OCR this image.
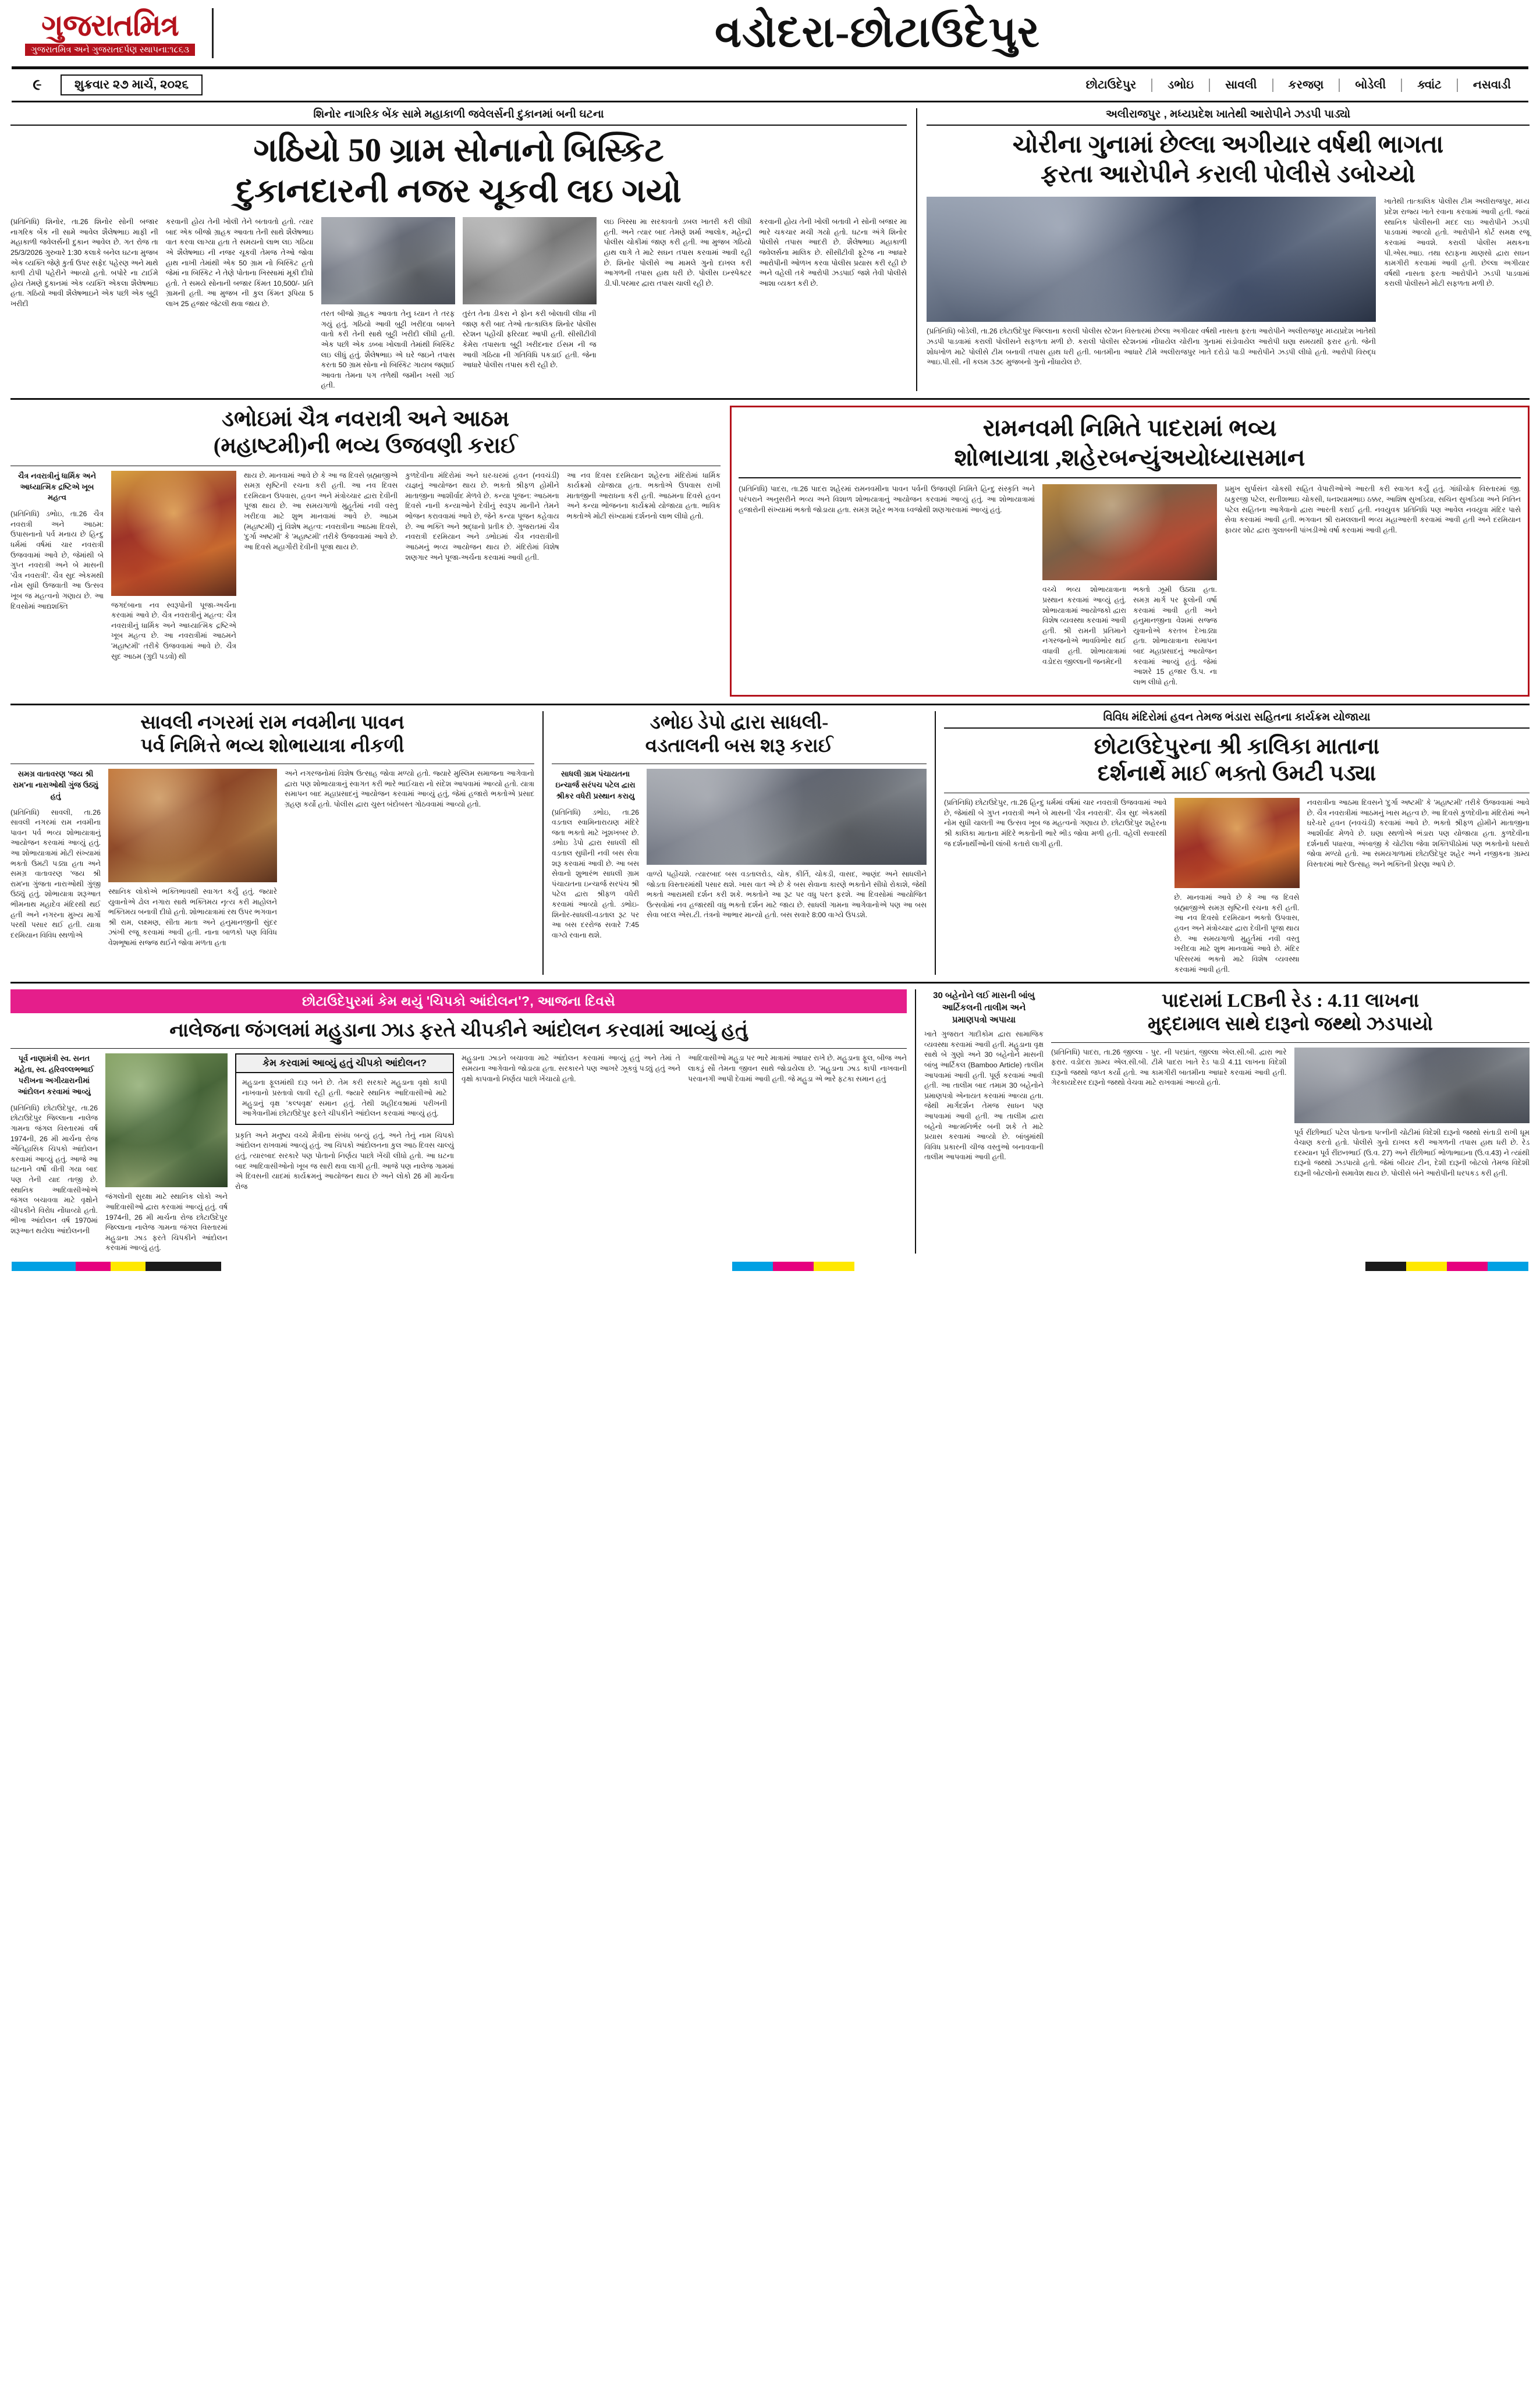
ગુજરાતમિત્ર
ગુજરાતમિત્ર અને ગુજરાતદર્પણ સ્થાપના:૧૮૬૩	વડોદરા-છોટાઉદેપુર
૯	શુક્રવાર ૨૭ માર્ચ, ૨૦૨૬	છોટાઉદેપુર	ડભોઇ	સાવલી	કરજણ	બોડેલી	ક્વાંટ	નસવાડી
શિનોર નાગરિક બેંક સામે મહાકાળી જવેલર્સની દુકાનમાં બની ઘટના
ગઠિયો 50 ગ્રામ સોનાનો બિસ્કિટ
દુકાનદારની નજર ચૂકવી લઇ ગયો
(પ્રતિનિધિ) શિનોર, તા.26 શિનોર સોની બજાર નાગરિક બેંક ની સામે આવેલ શૈલેષભાઇ માફી ની મહાકાળી જવેલર્સની દુકાન આવેલ છે. ગત રોજ તા 25/3/2026 ગુરુવારે 1:30 કલાકે બનેલ ઘટના મુજબ એક વ્યક્તિ જેણે કુર્તા ઉપર સફેદ પહેરણ અને માથે કાળી ટોપી પહેરીને આવ્યો હતો. બપોરે ના ટાઈમે હોય તેમણે દુકાનમાં એક વ્યક્તિ એકલા શૈલેષભાઇ હતા. ગઠિયો આવી શૈલેષભાઇને એક પછી એક બુટ્ટી ખરીદી
કરવાની હોય તેની ખોલી તેને બતાવતો હતો. ત્યાર બાદ એક બીજો ગ્રાહક આવતા તેની સાથે શૈલેષભાઇ વાત કરવા લાગ્યા હતા તે સમયનો લાભ લઇ ગઠિયા એ શૈલેષભાઇ ની નજર ચૂકવી તેમજ તેઓ જોવા હાથ નાખી તેમાંથી એક 50 ગ્રામ નો બિસ્કિટ હતો જેમાં ના બિસ્કિટ ને તેણે પોતાના ખિસ્સામાં મૂકી દીધો હતો. તે સમયે સોનાની બજાર કિંમત 10,500/- પ્રતિ ગ્રામની હતી. આ મુજબ ની કુલ કિંમત રૂપિયા 5 લાખ 25 હજાર જેટલી થવા જાય છે.
તરત બીજો ગ્રાહક આવતા તેનુ ધ્યાન તે તરફ ગયું હતું. ગઠિયો આવી બુટ્ટી ખરીદવા બાબતે વાતો કરી તેની સાથે બુટ્ટી ખરીદી લીધી હતી. એક પછી એક ડબ્બા ખોલાવી તેમાંથી બિસ્કિટ લઇ લીધું હતું. શૈલેષભાઇ એ ઘરે જઇને તપાસ કરતા 50 ગ્રામ સોના નો બિસ્કિટ ગાયબ જણાઈ આવતા તેમના પગ તળેથી જમીન ખસી ગઈ હતી.
તુરંત તેના ડીકરા ને ફોન કરી બોલાવી લીધા ની જાણ કરી બાદ તેઓ તાત્કાલિક શિનોર પોલીસ સ્ટેશન પહોંચી ફરિયાદ આપી હતી. સીસીટીવી કેમેરા તપાસતા બુટ્ટી ખરીદનાર ઈસમ ની જ આવી ગઠિયા ની ગતિવિધિ પકડાઈ હતી. જેના આધારે પોલીસ તપાસ કરી રહી છે.
લઇ ખિસ્સા મા સરકાવતો ડબલ ખાતરી કરી લીધી હતી. અને ત્યાર બાદ તેમણે શર્મા આલોક, મહેન્દ્રી પોલીસ ચોકીમાં જાણ કરી હતી. આ મુજબ ગઠિયો હાથ લાગે તે માટે સઘન તપાસ કરવામાં આવી રહી છે. શિનોર પોલીસે આ મામલે ગુનો દાખલ કરી આગળની તપાસ હાથ ધરી છે. પોલીસ ઇન્સ્પેક્ટર ડી.પી.પરમાર દ્વારા તપાસ ચાલી રહી છે.
કરવાની હોય તેની ખોલી બતાવી ને સોની બજાર મા ભારે ચકચાર મચી ગયો હતો. ઘટના અંગે શિનોર પોલીસે તપાસ આદરી છે. શૈલેષભાઇ મહાકાળી જવેલર્સના માલિક છે. સીસીટીવી ફૂટેજ ના આધારે આરોપીની ઓળખ કરવા પોલીસ પ્રયાસ કરી રહી છે અને વહેલી તકે આરોપી ઝડપાઈ જશે તેવી પોલીસે આશા વ્યક્ત કરી છે.
અલીરાજપુર , મધ્યપ્રદેશ ખાતેથી આરોપીને ઝડપી પાડ્યો
ચોરીના ગુનામાં છેલ્લા અગીયાર વર્ષથી ભાગતા
ફરતા આરોપીને કરાલી પોલીસે ડબોચ્યો
(પ્રતિનિધિ) બોડેલી, તા.26 છોટાઉદેપુર જિલ્લાના કરાલી પોલીસ સ્ટેશન વિસ્તારમાં છેલ્લા અગીયાર વર્ષથી નાસતા ફરતા આરોપીને અલીરાજપુર મધ્યપ્રદેશ ખાતેથી ઝડપી પાડવામાં કરાલી પોલીસને સફળતા મળી છે. કરાલી પોલીસ સ્ટેશનમાં નોંધાયેલ ચોરીના ગુનામાં સંડોવાયેલ આરોપી ઘણા સમયથી ફરાર હતો. જેની શોધખોળ માટે પોલીસે ટીમ બનાવી તપાસ હાથ ધરી હતી. બાતમીના આધારે ટીમે અલીરાજપુર ખાતે દરોડો પાડી આરોપીને ઝડપી લીધો હતો. આરોપી વિરુદ્ધ આઇ.પી.સી. ની કલમ ૩૭૯ મુજબનો ગુનો નોંધાયેલ છે.
ખાતેથી તાત્કાલિક પોલીસ ટીમ અલીરાજપુર, મધ્ય પ્રદેશ રાજ્ય ખાતે રવાના કરવામાં આવી હતી. જ્યાં સ્થાનિક પોલીસની મદદ લઇ આરોપીને ઝડપી પાડવામાં આવ્યો હતો. આરોપીને કોર્ટ સમક્ષ રજૂ કરવામાં આવશે. કરાલી પોલીસ મથકના પી.એસ.આઇ. તથા સ્ટાફના માણસો દ્વારા સઘન કામગીરી કરવામાં આવી હતી. છેલ્લા અગીયાર વર્ષથી નાસતા ફરતા આરોપીને ઝડપી પાડવામાં કરાલી પોલીસને મોટી સફળતા મળી છે.
ડભોઇમાં ચૈત્ર નવરાત્રી અને આઠમ
(મહાષ્ટમી)ની ભવ્ય ઉજવણી કરાઈ
ચૈત્ર નવરાત્રીનું ધાર્મિક અને આધ્યાત્મિક દ્રષ્ટિએ ખૂબ મહત્વ
(પ્રતિનિધિ) ડભોઇ, તા.26 ચૈત્ર નવરાત્રી અને આઠમ: ઉપાસનાનો પર્વ મનાય છે હિન્દુ ધર્મમાં વર્ષમાં ચાર નવરાત્રી ઉજવવામાં આવે છે, જેમાંથી બે ગુપ્ત નવરાત્રી અને બે માસની 'ચૈત્ર નવરાત્રી'. ચૈત્ર સુદ એકમથી નોમ સુધી ઉજવાતી આ ઉત્સવ ખૂબ જ મહત્વનો ગણાય છે. આ દિવસોમાં આદ્યશક્તિ	જગદંબાના નવ સ્વરૂપોની પૂજા-અર્ચના કરવામાં આવે છે. ચૈત્ર નવરાત્રીનું મહત્વ: ચૈત્ર નવરાત્રીનું ધાર્મિક અને આધ્યાત્મિક દ્રષ્ટિએ ખૂબ મહત્વ છે. આ નવરાત્રીમાં આઠમને 'મહાષ્ટમી' તરીકે ઉજવવામાં આવે છે. ચૈત્ર સુદ આઠમ (ગુદી પડવો) થી
થાય છે. માનવામાં આવે છે કે આ જ દિવસે બ્રહ્માજીએ સમગ્ર સૃષ્ટિની રચના કરી હતી. આ નવ દિવસ દરમિયાન ઉપવાસ, હવન અને મંત્રોચ્ચાર દ્વારા દેવીની પૂજા થાય છે. આ સમયગાળો મુહૂર્તમાં નવી વસ્તુ ખરીદવા માટે શુભ માનવામાં આવે છે. આઠમ (મહાષ્ટમી) નું વિશેષ મહત્વ: નવરાત્રીના આઠમા દિવસે, 'દુર્ગા અષ્ટમી' કે 'મહાષ્ટમી' તરીકે ઉજવવામાં આવે છે. આ દિવસે મહાગૌરી દેવીની પૂજા થાય છે.
કુળદેવીના મંદિરોમાં અને ઘર-ઘરમાં હવન (નવચંડી) યજ્ઞનું આયોજન થાય છે. ભક્તો શ્રીફળ હોમીને માતાજીના આશીર્વાદ મેળવે છે. કન્યા પૂજન: આઠમના દિવસે નાની કન્યાઓને દેવીનું સ્વરૂપ માનીને તેમને ભોજન કરાવવામાં આવે છે, જેને કન્યા પૂજન કહેવાય છે. આ ભક્તિ અને શ્રદ્ધાનો પ્રતીક છે. ગુજરાતમાં ચૈત્ર નવરાત્રી દરમિયાન અને ડભોઇમાં ચૈત્ર નવરાત્રીની આઠમનું ભવ્ય આયોજન થાય છે. મંદિરોમાં વિશેષ શણગાર અને પૂજા-અર્ચના કરવામાં આવી હતી.
આ નવ દિવસ દરમિયાન શહેરના મંદિરોમાં ધાર્મિક કાર્યક્રમો યોજાયા હતા. ભક્તોએ ઉપવાસ રાખી માતાજીની આરાધના કરી હતી. આઠમના દિવસે હવન અને કન્યા ભોજનના કાર્યક્રમો યોજાયા હતા. ભાવિક ભક્તોએ મોટી સંખ્યામાં દર્શનનો લાભ લીધો હતો.
રામનવમી નિમિતે પાદરામાં ભવ્ય
શોભાયાત્રા ,શહેરબન્યુંઅયોધ્યાસમાન
(પ્રતિનિધિ) પાદરા, તા.26 પાદરા શહેરમાં રામનવમીના પાવન પર્વની ઉજવણી નિમિતે હિન્દુ સંસ્કૃતિ અને પરંપરાને અનુસરીને ભવ્ય અને વિશાળ શોભાયાત્રાનું આયોજન કરવામાં આવ્યું હતું. આ શોભાયાત્રામાં હજારોની સંખ્યામાં ભક્તો જોડાયા હતા. સમગ્ર શહેર ભગવા ધ્વજોથી શણગારવામાં આવ્યું હતું.
વચ્ચે ભવ્ય શોભાયાત્રાના પ્રસ્થાન કરવામાં આવ્યું હતું. શોભાયાત્રામાં આયોજકો દ્વારા વિશેષ વ્યવસ્થા કરવામાં આવી હતી. શ્રી રામની પ્રતિમાને નગરજનોએ ભાવવિભોર થઈ વધાવી હતી. શોભાયાત્રામાં વડોદરા જીલ્લાની જનમેદની
ભક્તો ઝૂમી ઉઠ્યા હતા. સમગ્ર માર્ગ પર ફૂલોની વર્ષા કરવામાં આવી હતી અને હનુમાનજીના વેશમાં સજ્જ યુવાનોએ કરતબ દેખાડ્યા હતા. શોભાયાત્રાના સમાપન બાદ મહાપ્રસાદનું આયોજન કરવામાં આવ્યું હતું. જેમાં આશરે 15 હજાર ઉ.પ. ના લાભ લીધો હતો.
પ્રમુખ સુર્પાસંત ચોકસી સહિત વેપારીઓએ આરતી કરી સ્વાગત કર્યું હતું. ગાંધીચોક વિસ્તારમાં જી. ઠાકુરજી પટેલ, સતીશભાઇ ચોકસી, ધનશ્યામભાઇ ઠક્કર, આશિષ સુખડિયા, સચિન સુખડિયા અને નિતિન પટેલ સહિતના આગેવાનો દ્વારા આરતી કરાઈ હતી. નવયુવક પ્રતિનિધિ પણ આવેલ નવયુવા મંદિર પાસે સેવા કરવામાં આવી હતી. ભગવાન શ્રી રામલલાની ભવ્ય મહાઆરતી કરવામાં આવી હતી અને દરમિયાન ફાયર શોટ દ્વારા ગુલાબની પાંખડીઓ વર્ષા કરવામાં આવી હતી.
સાવલી નગરમાં રામ નવમીના પાવન
પર્વ નિમિત્તે ભવ્ય શોભાયાત્રા નીકળી
સમગ્ર વાતાવરણ 'જય શ્રી રામ'ના નારાઓથી ગુંજ ઉઠ્યું હતું
(પ્રતિનિધિ) સાવલી, તા.26 સાવલી નગરમાં રામ નવમીના પાવન પર્વ ભવ્ય શોભાયાત્રાનું આયોજન કરવામાં આવ્યું હતું. આ શોભાયાત્રામાં મોટી સંખ્યામાં ભક્તો ઉમટી પડ્યા હતા અને સમગ્ર વાતાવરણ 'જય શ્રી રામ'ના ગુંજતા નારાઓથી ગુંજી ઉઠ્યું હતું. શોભાયાત્રા શરૂઆત ભીમનાથ મહાદેવ મંદિરથી થઈ હતી અને નગરના મુખ્ય માર્ગો પરથી પસાર થઈ હતી. યાત્રા દરમિયાન વિવિધ સ્થળોએ
સ્થાનિક લોકોએ ભક્તિભાવથી સ્વાગત કર્યું હતું. જ્યારે યુવાનોએ ઢોલ નગારા સાથે ભક્તિમય નૃત્ય કરી માહોલને ભક્તિમય બનાવી દીધો હતો. શોભાયાત્રામાં રથ ઉપર ભગવાન શ્રી રામ, લક્ષ્મણ, સીતા માતા અને હનુમાનજીની સુંદર ઝાંખી રજૂ કરવામાં આવી હતી. નાના બાળકો પણ વિવિધ વેશભૂષામાં સજ્જ થઈને જોવા મળતા હતા
અને નગરજનોમાં વિશેષ ઉત્સાહ જોવા મળ્યો હતો. જ્યારે મુસ્લિમ સમાજના આગેવાનો દ્વારા પણ શોભાયાત્રાનું સ્વાગત કરી ભારે ભાઈચારા નો સંદેશ આપવામાં આવ્યો હતો. યાત્રા સમાપન બાદ મહાપ્રસાદનું આયોજન કરવામાં આવ્યું હતું, જેમાં હજારો ભક્તોએ પ્રસાદ ગ્રહણ કર્યો હતો. પોલીસ દ્વારા ચુસ્ત બંદોબસ્ત ગોઠવવામાં આવ્યો હતો.
ડભોઇ ડેપો દ્વારા સાધલી-
વડતાલની બસ શરૂ કરાઈ
સાધલી ગ્રામ પંચાયતના ઇન્ચાર્જ સરંપચ પટેલ દ્વારા શ્રીકર વધેરી પ્રસ્થાન કરાયુ
(પ્રતિનિધિ) ડભોઇ, તા.26 વડતાલ સ્વામિનારાયણ મંદિરે જતા ભક્તો માટે ખૂશખબર છે. ડભોઇ ડેપો દ્વારા સાધલી થી વડતાલ સુધીની નવી બસ સેવા શરૂ કરવામાં આવી છે. આ બસ સેવાનો શુભારંભ સાધલી ગ્રામ પંચાયતના ઇન્ચાર્જ સરપંચ શ્રી પટેલ દ્વારા શ્રીફળ વધેરી કરવામાં આવ્યો હતો. ડભોઇ-શિનોર-સાધલી-વડતાલ રૂટ પર આ બસ દરરોજ સવારે 7:45 વાગ્યે રવાના થશે.
વાળ્યે પહોંચશે. ત્યારબાદ બસ વડતાલરોડ, ચોક, કીર્તિ, ચોકડી, વાસદ, આણંદ અને સાધલીને જોડતા વિસ્તારમાંથી પસાર થશે. ખાસ વાત એ છે કે બસ સેવાના કારણે ભક્તોને સીધો રોકાશે, જેથી ભક્તો આરામથી દર્શન કરી શકે. ભક્તોને આ રૂટ પર વધુ પરત ફરશે. આ દિવસોમાં આયોજિત ઉત્સવોમાં નવ હજારથી વધુ ભક્તો દર્શન માટે જાય છે. સાધલી ગામના આગેવાનોએ પણ આ બસ સેવા બદલ એસ.ટી. તંત્રનો આભાર માન્યો હતો. બસ સવારે 8:00 વાગ્યે ઉપડશે.
વિવિધ મંદિરોમાં હવન તેમજ ભંડારા સહિતના કાર્યક્રમ યોજાયા
છોટાઉદેપુરના શ્રી કાલિકા માતાના
દર્શનાર્થે માઈ ભક્તો ઉમટી પડ્યા
(પ્રતિનિધિ) છોટાઉદેપુર, તા.26 હિન્દુ ધર્મમાં વર્ષમાં ચાર નવરાત્રી ઉજવવામાં આવે છે, જેમાંથી બે ગુપ્ત નવરાત્રી અને બે માસની 'ચૈત્ર નવરાત્રી'. ચૈત્ર સુદ એકમથી નોમ સુધી ચાલતી આ ઉત્સવ ખૂબ જ મહત્વનો ગણાય છે. છોટાઉદેપુર શહેરના શ્રી કાલિકા માતાના મંદિરે ભક્તોની ભારે ભીડ જોવા મળી હતી. વહેલી સવારથી જ દર્શનાર્થીઓની લાંબી કતારો લાગી હતી.
છે. માનવામાં આવે છે કે આ જ દિવસે બ્રહ્માજીએ સમગ્ર સૃષ્ટિની રચના કરી હતી. આ નવ દિવસો દરમિયાન ભક્તો ઉપવાસ, હવન અને મંત્રોચ્ચાર દ્વારા દેવીની પૂજા થાય છે. આ સમયગાળો મુહૂર્તમાં નવી વસ્તુ ખરીદવા માટે શુભ માનવામાં આવે છે. મંદિર પરિસરમાં ભક્તો માટે વિશેષ વ્યવસ્થા કરવામાં આવી હતી.
નવરાત્રીના આઠમા દિવસને 'દુર્ગા અષ્ટમી' કે 'મહાષ્ટમી' તરીકે ઉજવવામાં આવે છે. ચૈત્ર નવરાત્રીમાં આઠમનું ખાસ મહત્વ છે. આ દિવસે કુળદેવીના મંદિરોમાં અને ઘરે-ઘરે હવન (નવચંડી) કરવામાં આવે છે. ભક્તો શ્રીફળ હોમીને માતાજીના આશીર્વાદ મેળવે છે. ઘણા સ્થળોએ ભંડારા પણ યોજાયા હતા. કુળદેવીના દર્શનાર્થે પધારવા, અંબાજી કે ચોટીલા જેવા શક્તિપીઠોમાં પણ ભક્તોનો ધસારો જોવા મળ્યો હતો. આ સમયગાળામાં છોટાઉદેપુર શહેર અને નજીકના ગ્રામ્ય વિસ્તારમાં ભારે ઉત્સાહ અને ભક્તિની પ્રેરણા આપે છે.
છોટાઉદેપુરમાં કેમ થયું 'ચિપકો આંદોલન'?, આજના દિવસે
નાલેજના જંગલમાં મહુડાના ઝાડ ફરતે ચીપકીને આંદોલન કરવામાં આવ્યું હતું
પૂર્વ નાણામંત્રી સ્વ. સનત મહેતા, સ્વ. હરિવલ્લભભાઈ પરીખના અગીયારાનીમાં આંદોલન કરવામાં આવ્યું
(પ્રતિનિધિ) છોટાઉદેપુર, તા.26 છોટાઉદેપુર જિલ્લાના નાલેજ ગામના જંગલ વિસ્તારમાં વર્ષ 1974ની, 26 મી માર્ચના રોજ ઐતિહાસિક ચિપકો આંદોલન કરવામાં આવ્યું હતું. આજે આ ઘટનાને વર્ષો વીતી ગયા બાદ પણ તેની યાદ તાજી છે. સ્થાનિક આદિવાસીઓએ જંગલ બચાવવા માટે વૃક્ષોને ચીપકીને વિરોધ નોંધાવ્યો હતો. ભીખા આંદોલન વર્ષ 1970માં શરૂઆત થયેલા આંદોલનની
જંગલોની સુરક્ષા માટે સ્થાનિક લોકો અને આદિવાસીઓ દ્વારા કરવામાં આવ્યું હતું. વર્ષ 1974ની, 26 મી માર્ચના રોજ છોટાઉદેપુર જિલ્લાના નાલેજ ગામના જંગલ વિસ્તારમાં મહુડાના ઝાડ ફરતે ચિપકીને આંદોલન કરવામાં આવ્યું હતું.
કેમ કરવામાં આવ્યું હતું ચીપકો આંદોલન?
મહુડાના ફૂલમાંથી દારૂ બને છે. તેમ કરી સરકારે મહુડાના વૃક્ષો કાપી નાખવાનો પ્રસ્તાવો લાવી રહી હતી. જ્યારે સ્થાનિક આદિવાસીઓ માટે મહુડાનું વૃક્ષ 'કલ્પવૃક્ષ' સમાન હતું. તેથી શહીદવશ્રામાં પરીખની આગેવાનીમાં છોટાઉદેપુર ફરતે ચીપકીને આંદોલન કરવામાં આવ્યું હતું.
પ્રકૃતિ અને મનુષ્ય વચ્ચે મૈત્રીના સંબંધ બન્યું હતું, અને તેનું નામ ચિપકો આંદોલન રાખવામાં આવ્યું હતું. આ ચિપકો આંદોલનના કુલ આઠ દિવસ ચાલ્યું હતું, ત્યારબાદ સરકારે પણ પોતાનો નિર્ણય પાછો ખેંચી લીધો હતો. આ ઘટના બાદ આદિવાસીઓનો ખૂબ જ સારી થવા લાગી હતી. આજે પણ નાલેજ ગામમાં એ દિવસની યાદમાં કાર્યક્રમનું આયોજન થાય છે અને લોકો 26 મી માર્ચના રોજ
મહુડાના ઝાડને બચાવવા માટે આંદોલન કરવામાં આવ્યું હતું અને તેમાં તે સમયના આગેવાનો જોડાયા હતા. સરકારને પણ આખરે ઝૂકવું પડ્યું હતું અને વૃક્ષો કાપવાનો નિર્ણય પાછો ખેંચાયો હતો.
આદિવાસીઓ મહુડા પર ભારે માત્રામાં આધાર રાખે છે. મહુડાના ફૂલ, બીજ અને લાકડું સૌ તેમના જીવન સાથે જોડાયેલા છે. 'મહુડાના ઝાડ કાપી નાખવાની પરવાનગી આપી દેવામાં આવી હતી. જે મહુડા એ ભારે ફટકા સમાન હતું
30 બહેનોને લઈ માસની બાંબુ આર્ટિકલની તાલીમ અને પ્રમાણપત્રો અપાયા
ખાતે ગુજરાત ગાદીકોમ દ્વારા સામાજિક વ્યવસ્થા કરવામાં આવી હતી. મહુડાના વૃક્ષ સાથે બે ગુણો અને 30 બહેનોને માસની બાંબુ આર્ટિકલ (Bamboo Article) તાલીમ આપવામાં આવી હતી. પૂર્ણ કરવામાં આવી હતી. આ તાલીમ બાદ તમામ 30 બહેનોને પ્રમાણપત્રો એનાયત કરવામાં આવ્યા હતા. જેથી માર્ગદર્શન તેમજ સાધન પણ આપવામાં આવી હતી. આ તાલીમ દ્વારા બહેનો આત્મનિર્ભર બની શકે તે માટે પ્રયાસ કરવામાં આવ્યો છે. બાંબુમાંથી વિવિધ પ્રકારની ચીજ વસ્તુઓ બનાવવાની તાલીમ આપવામાં આવી હતી.
પાદરામાં LCBની રેડ : 4.11 લાખના
મુદ્દામાલ સાથે દારૂનો જથ્થો ઝડપાયો
(પ્રતિનિધિ) પાદરા, તા.26 જીલ્લા - પુર. ની પરપ્રાંત, જીલ્લા એલ.સી.બી. દ્વારા ભારે ફરાર. વડોદરા ગ્રામ્ય એલ.સી.બી. ટીમે પાદરા ખાતે રેડ પાડી 4.11 લાખના વિદેશી દારૂનો જથ્થો જપ્ત કર્યો હતો. આ કામગીરી બાતમીના આધારે કરવામાં આવી હતી. ગેરકાયદેસર દારૂનો જથ્થો વેચવા માટે રાખવામાં આવ્યો હતો.
પૂર્વ રીંછીભાઈ પટેલ પોતાના પત્નીની ચોટીમાં વિદેશી દારૂનો જથ્થો સંતાડી રાખી ધૂમ વેચાણ કરતો હતો. પોલીસે ગુનો દાખલ કરી આગળની તપાસ હાથ ધરી છે. રેડ દરમ્યાન પૂર્વ રીંછનભાઈ (ઉ.વ. 27) અને રીંછીભાઈ ભોળાભાઇના (ઉ.વ.43) ને ત્યાંથી દારૂનો જથ્થો ઝડપાયો હતો. જેમાં બીયર ટીન, દેશી દારૂની બોટલો તેમજ વિદેશી દારૂની બોટલોનો સમાવેશ થાય છે. પોલીસે બંને આરોપીની ધરપકડ કરી હતી.
